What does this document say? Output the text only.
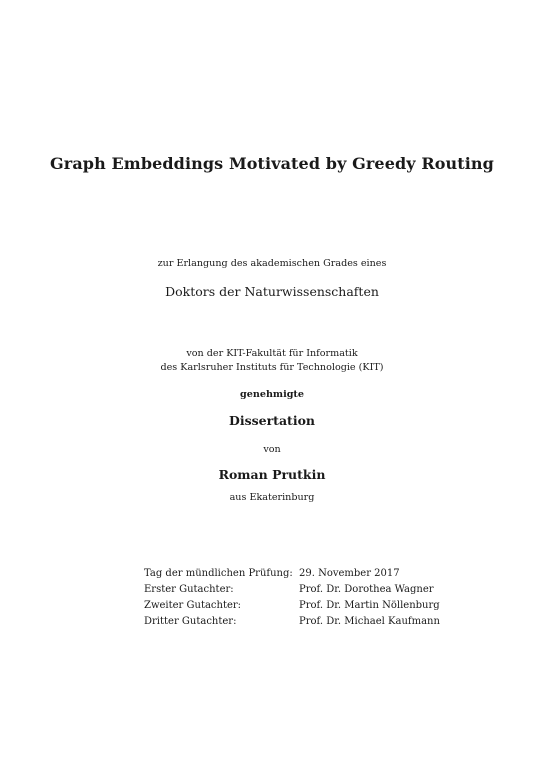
Graph Embeddings Motivated by Greedy Routing
zur Erlangung des akademischen Grades eines
Doktors der Naturwissenschaften
von der KIT-Fakultät für Informatik
des Karlsruher Instituts für Technologie (KIT)
genehmigte
Dissertation
von
Roman Prutkin
aus Ekaterinburg
Tag der mündlichen Prüfung: 29. November 2017
Erster Gutachter:	Prof. Dr. Dorothea Wagner
Zweiter Gutachter:	Prof. Dr. Martin Nöllenburg
Dritter Gutachter:	Prof. Dr. Michael Kaufmann
